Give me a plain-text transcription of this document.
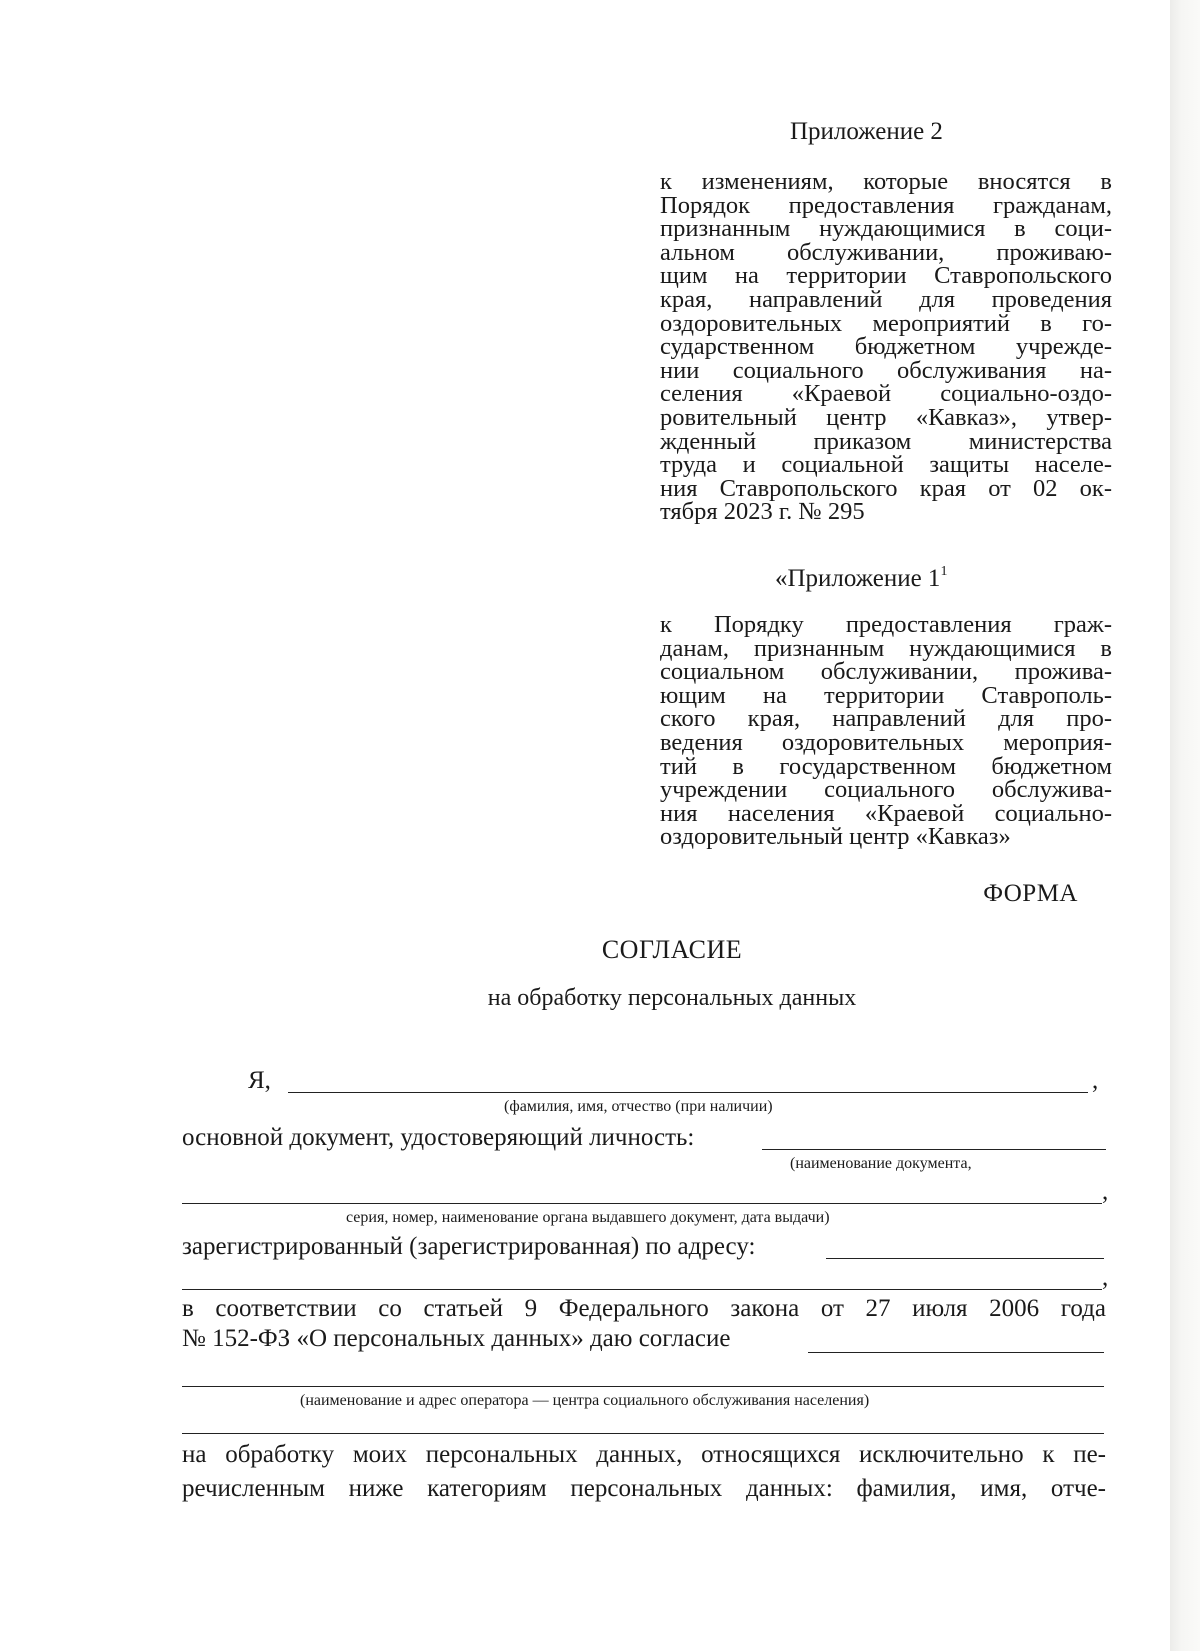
Приложение 2
к изменениям, которые вносятся в
Порядок предоставления гражданам,
признанным нуждающимися в соци-
альном обслуживании, проживаю-
щим на территории Ставропольского
края, направлений для проведения
оздоровительных мероприятий в го-
сударственном бюджетном учрежде-
нии социального обслуживания на-
селения «Краевой социально-оздо-
ровительный центр «Кавказ», утвер-
жденный приказом министерства
труда и социальной защиты населе-
ния Ставропольского края от 02 ок-
тября 2023 г. № 295
«Приложение $1^1$
к Порядку предоставления граж-
данам, признанным нуждающимися в
социальном обслуживании, прожива-
ющим на территории Ставрополь-
ского края, направлений для про-
ведения оздоровительных мероприя-
тий в государственном бюджетном
учреждении социального обслужива-
ния населения «Краевой социально-
оздоровительный центр «Кавказ»
ФОРМА
СОГЛАСИЕ
на обработку персональных данных
Я,	,
(фамилия, имя, отчество (при наличии)
основной документ, удостоверяющий личность:
(наименование документа,
,
серия, номер, наименование органа выдавшего документ, дата выдачи)
зарегистрированный (зарегистрированная) по адресу:
,
в соответствии со статьей 9 Федерального закона от 27 июля 2006 года
№ 152-ФЗ «О персональных данных» даю согласие
(наименование и адрес оператора — центра социального обслуживания населения)
на обработку моих персональных данных, относящихся исключительно к пе-
речисленным ниже категориям персональных данных: фамилия, имя, отче-
